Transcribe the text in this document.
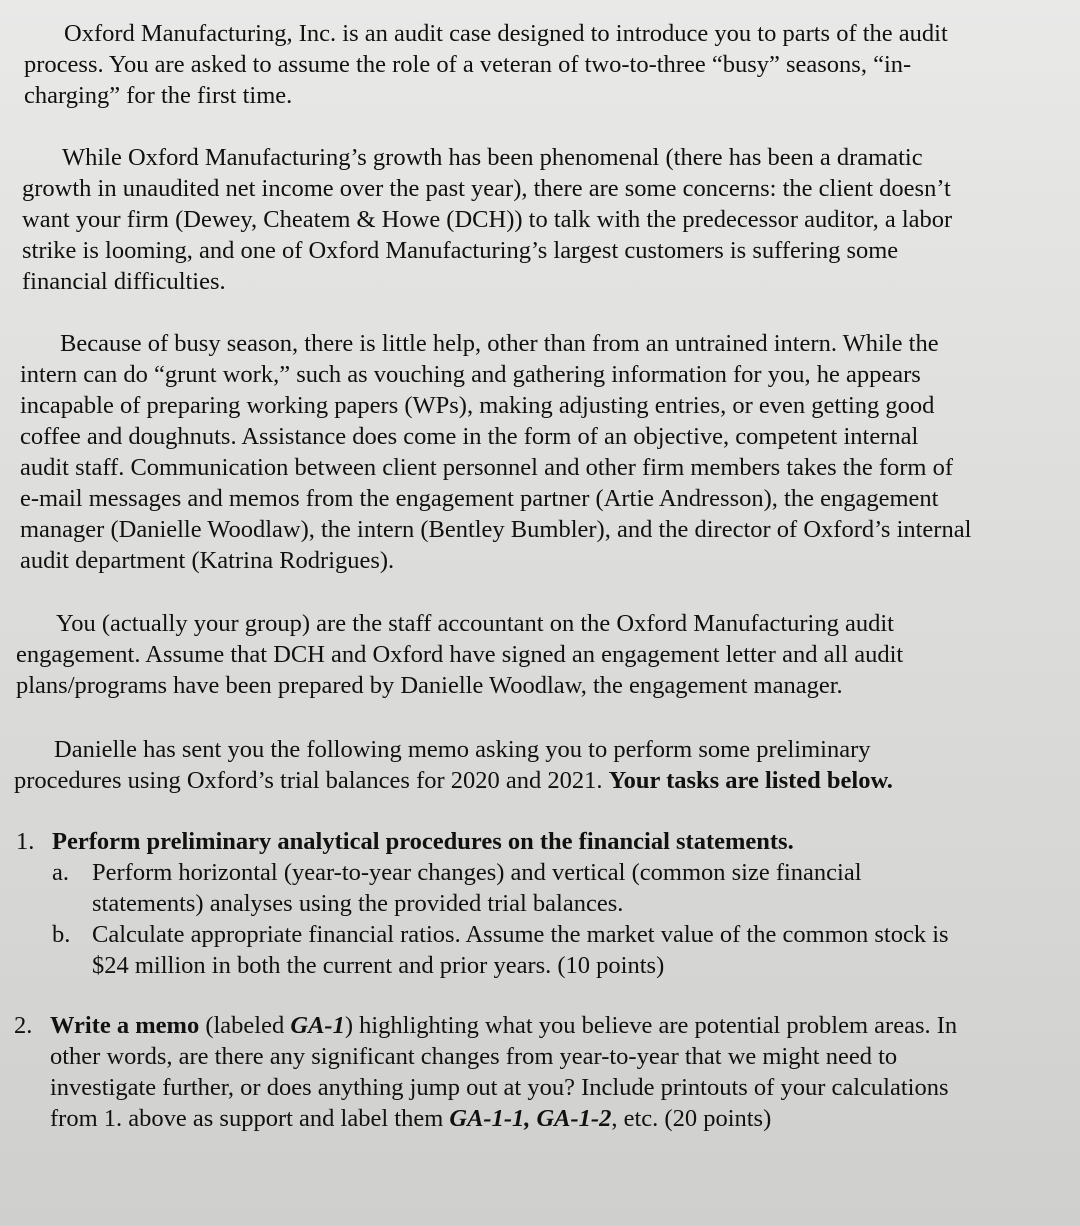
Oxford Manufacturing, Inc. is an audit case designed to introduce you to parts of the audit
process. You are asked to assume the role of a veteran of two-to-three “busy” seasons, “in-
charging” for the first time.
While Oxford Manufacturing’s growth has been phenomenal (there has been a dramatic
growth in unaudited net income over the past year), there are some concerns: the client doesn’t
want your firm (Dewey, Cheatem & Howe (DCH)) to talk with the predecessor auditor, a labor
strike is looming, and one of Oxford Manufacturing’s largest customers is suffering some
financial difficulties.
Because of busy season, there is little help, other than from an untrained intern. While the
intern can do “grunt work,” such as vouching and gathering information for you, he appears
incapable of preparing working papers (WPs), making adjusting entries, or even getting good
coffee and doughnuts. Assistance does come in the form of an objective, competent internal
audit staff. Communication between client personnel and other firm members takes the form of
e-mail messages and memos from the engagement partner (Artie Andresson), the engagement
manager (Danielle Woodlaw), the intern (Bentley Bumbler), and the director of Oxford’s internal
audit department (Katrina Rodrigues).
You (actually your group) are the staff accountant on the Oxford Manufacturing audit
engagement. Assume that DCH and Oxford have signed an engagement letter and all audit
plans/programs have been prepared by Danielle Woodlaw, the engagement manager.
Danielle has sent you the following memo asking you to perform some preliminary
procedures using Oxford’s trial balances for 2020 and 2021. Your tasks are listed below.
1. Perform preliminary analytical procedures on the financial statements.
a. Perform horizontal (year-to-year changes) and vertical (common size financial
statements) analyses using the provided trial balances.
b. Calculate appropriate financial ratios. Assume the market value of the common stock is
$24 million in both the current and prior years. (10 points)
2. Write a memo (labeled GA-1) highlighting what you believe are potential problem areas. In
other words, are there any significant changes from year-to-year that we might need to
investigate further, or does anything jump out at you? Include printouts of your calculations
from 1. above as support and label them GA-1-1, GA-1-2, etc. (20 points)
